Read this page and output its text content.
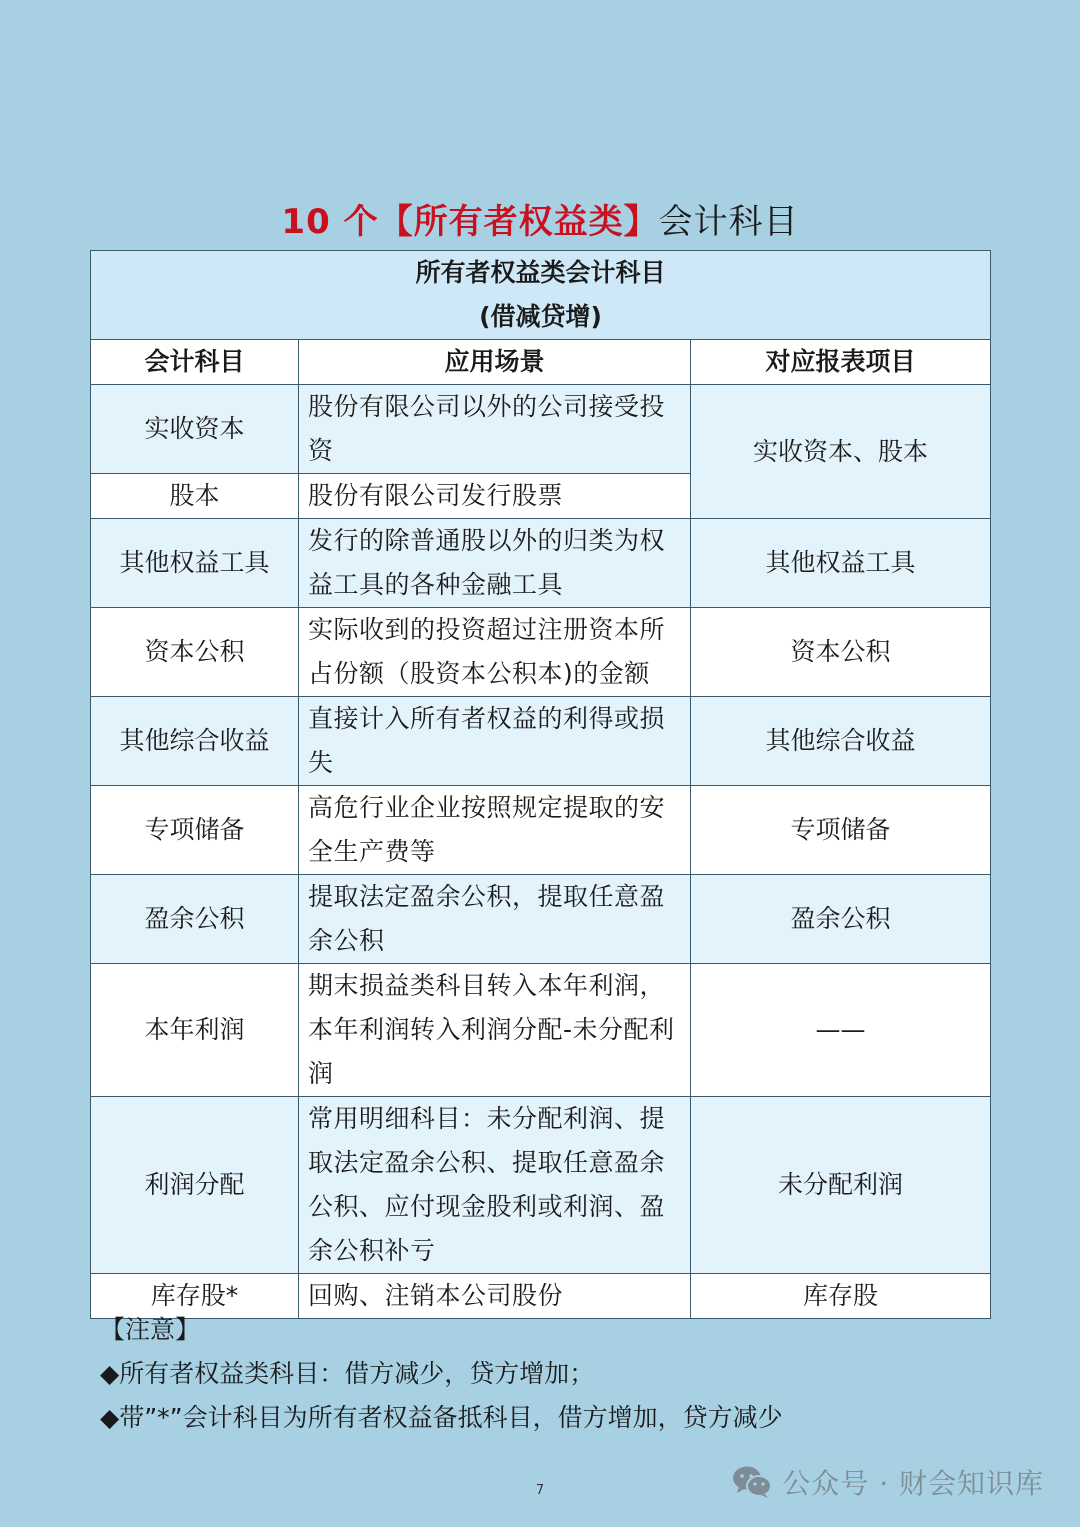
10 个【所有者权益类】会计科目
所有者权益类会计科目
(借减贷增)		

会计科目	应用场景	对应报表项目
实收资本	股份有限公司以外的公司接受投资	实收资本、股本
股本	股份有限公司发行股票	
其他权益工具	发行的除普通股以外的归类为权益工具的各种金融工具	其他权益工具
资本公积	实际收到的投资超过注册资本所占份额（股资本公积本)的金额	资本公积
其他综合收益	直接计入所有者权益的利得或损失	其他综合收益
专项储备	高危行业企业按照规定提取的安全生产费等	专项储备
盈余公积	提取法定盈余公积，提取任意盈余公积	盈余公积
本年利润	期末损益类科目转入本年利润，本年利润转入利润分配-未分配利润	——
利润分配	常用明细科目：未分配利润、提取法定盈余公积、提取任意盈余公积、应付现金股利或利润、盈余公积补亏	未分配利润
库存股*	回购、注销本公司股份	库存股
【注意】
◆所有者权益类科目：借方减少，贷方增加；
◆带”*”会计科目为所有者权益备抵科目，借方增加，贷方减少
7	公众号 · 财会知识库
